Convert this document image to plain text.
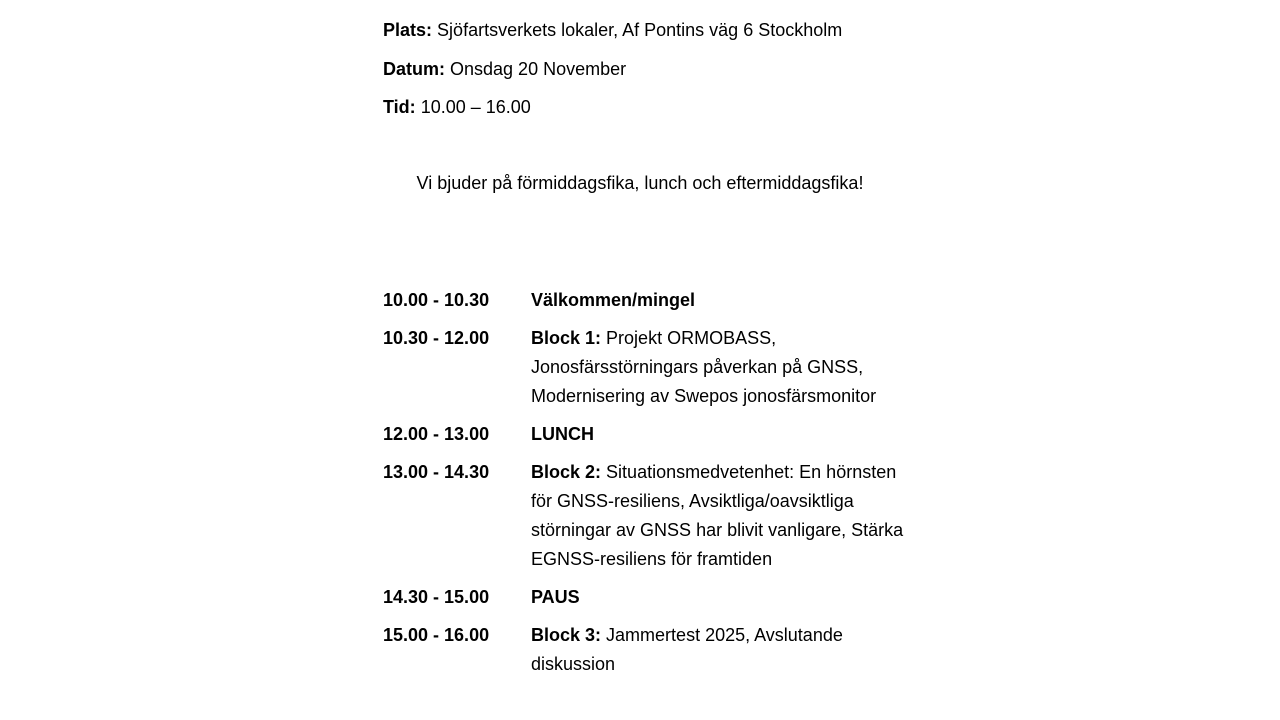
Plats: Sjöfartsverkets lokaler, Af Pontins väg 6 Stockholm
Datum: Onsdag 20 November
Tid: 10.00 – 16.00
Vi bjuder på förmiddagsfika, lunch och eftermiddagsfika!
10.00 - 10.30	Välkommen/mingel
10.30 - 12.00	Block 1: Projekt ORMOBASS, Jonosfärsstörningars påverkan på GNSS, Modernisering av Swepos jonosfärsmonitor
12.00 - 13.00	LUNCH
13.00 - 14.30	Block 2: Situationsmedvetenhet: En hörnsten för GNSS-resiliens, Avsiktliga/oavsiktliga störningar av GNSS har blivit vanligare, Stärka EGNSS-resiliens för framtiden
14.30 - 15.00	PAUS
15.00 - 16.00	Block 3: Jammertest 2025, Avslutande diskussion
